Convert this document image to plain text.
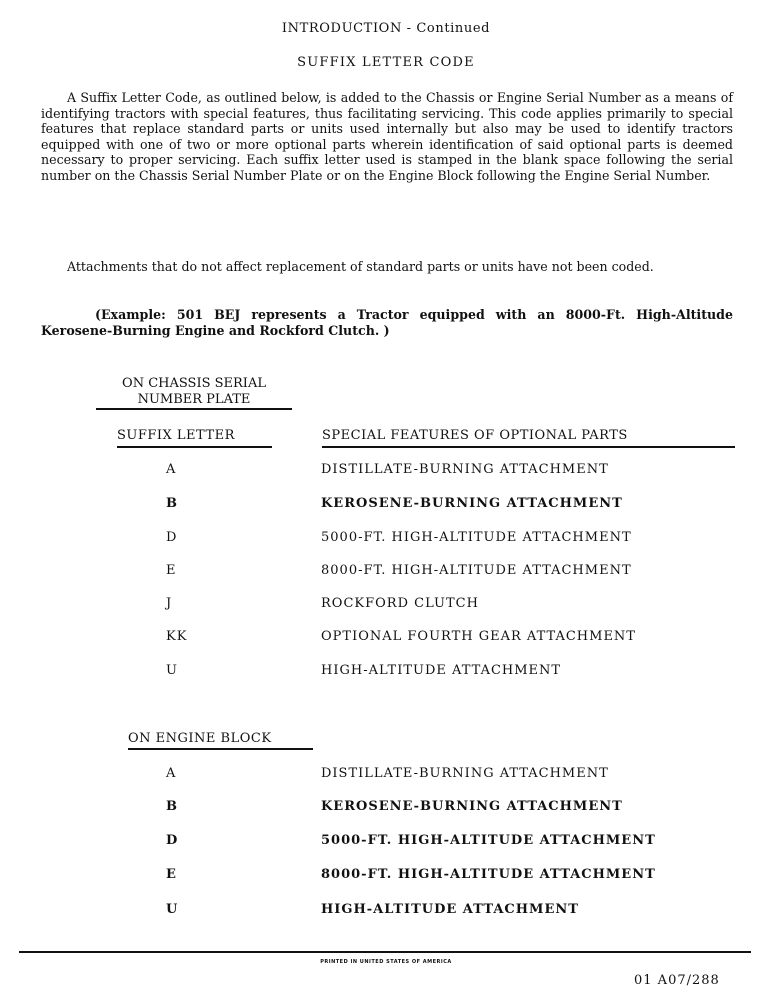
INTRODUCTION - Continued
SUFFIX LETTER CODE

A Suffix Letter Code, as outlined below, is added to the Chassis or Engine Serial Number as a means of identifying tractors with special features, thus facilitating servicing. This code applies primarily to special features that replace standard parts or units used internally but also may be used to identify tractors equipped with one of two or more optional parts wherein identification of said optional parts is deemed necessary to proper servicing. Each suffix letter used is stamped in the blank space following the serial number on the Chassis Serial Number Plate or on the Engine Block following the Engine Serial Number.

Attachments that do not affect replacement of standard parts or units have not been coded.

(Example: 501 BEJ represents a Tractor equipped with an 8000-Ft. High-Altitude Kerosene-Burning Engine and Rockford Clutch. )

ON CHASSIS SERIAL
NUMBER PLATE
SUFFIX LETTER	SPECIAL FEATURES OF OPTIONAL PARTS
A	DISTILLATE-BURNING ATTACHMENT
B	KEROSENE-BURNING ATTACHMENT
D	5000-FT. HIGH-ALTITUDE ATTACHMENT
E	8000-FT. HIGH-ALTITUDE ATTACHMENT
J	ROCKFORD CLUTCH
KK	OPTIONAL FOURTH GEAR ATTACHMENT
U	HIGH-ALTITUDE ATTACHMENT
ON ENGINE BLOCK
A	DISTILLATE-BURNING ATTACHMENT
B	KEROSENE-BURNING ATTACHMENT
D	5000-FT. HIGH-ALTITUDE ATTACHMENT
E	8000-FT. HIGH-ALTITUDE ATTACHMENT
U	HIGH-ALTITUDE ATTACHMENT
PRINTED IN UNITED STATES OF AMERICA
01 A07/288
